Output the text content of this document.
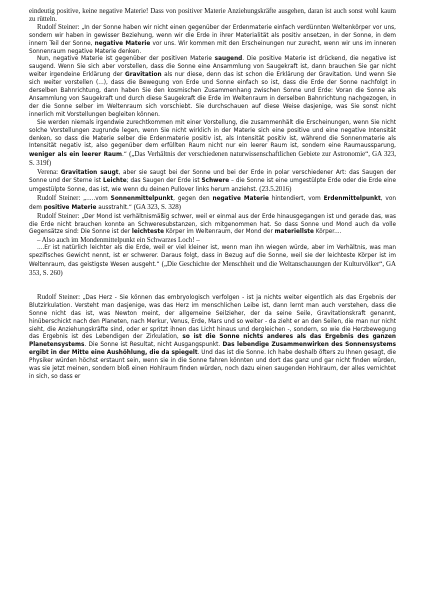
eindeutig positive, keine negative Materie! Dass von positiver Materie Anziehungskräfte ausgehen, daran ist auch sonst wohl kaum zu rütteln.

Rudolf Steiner: „In der Sonne haben wir nicht einen gegenüber der Erdenmaterie einfach verdünnten Weltenkörper vor uns, sondern wir haben in gewisser Beziehung, wenn wir die Erde in ihrer Materialität als positiv ansetzen, in der Sonne, in dem innern Teil der Sonne, negative Materie vor uns. Wir kommen mit den Erscheinungen nur zurecht, wenn wir uns im inneren Sonnenraum negative Materie denken.

Nun, negative Materie ist gegenüber der positiven Materie saugend. Die positive Materie ist drückend, die negative ist saugend. Wenn Sie sich aber vorstellen, dass die Sonne eine Ansammlung von Saugekraft ist, dann brauchen Sie gar nicht weiter irgendeine Erklärung der Gravitation als nur diese, denn das ist schon die Erklärung der Gravitation. Und wenn Sie sich weiter vorstellen (...), dass die Bewegung von Erde und Sonne einfach so ist, dass die Erde der Sonne nachfolgt in derselben Bahnrichtung, dann haben Sie den kosmischen Zusammenhang zwischen Sonne und Erde: Voran die Sonne als Ansammlung von Saugekraft und durch diese Saugekraft die Erde im Weltenraum in derselben Bahnrichtung nachgezogen, in der die Sonne selber im Weltenraum sich vorschiebt. Sie durchschauen auf diese Weise dasjenige, was Sie sonst nicht innerlich mit Vorstellungen begleiten können.

Sie werden niemals irgendwie zurechtkommen mit einer Vorstellung, die zusammenhält die Erscheinungen, wenn Sie nicht solche Vorstellungen zugrunde legen, wenn Sie nicht wirklich in der Materie sich eine positive und eine negative Intensität denken, so dass die Materie selber die Erdenmaterie positiv ist, als Intensität positiv ist, während die Sonnenmaterie als Intensität negativ ist, also gegenüber dem erfüllten Raum nicht nur ein leerer Raum ist, sondern eine Raumaussparung, weniger als ein leerer Raum.“ („Das Verhältnis der verschiedenen naturwissenschaftlichen Gebiete zur Astronomie“, GA 323, S. 319f)

Verena: Gravitation saugt, aber sie saugt bei der Sonne und bei der Erde in polar verschiedener Art: das Saugen der Sonne und der Sterne ist Leichte; das Saugen der Erde ist Schwere – die Sonne ist eine umgestülpte Erde oder die Erde eine umgestülpte Sonne, das ist, wie wenn du deinen Pullover links herum anziehst. (23.5.2016)

Rudolf Steiner: „.....vom Sonnenmittelpunkt, gegen den negative Materie hintendiert, vom Erdenmittelpunkt, von dem positive Materie ausstrahlt.“ (GA 323, S. 328)

Rudolf Steiner: „Der Mond ist verhältnismäßig schwer, weil er einmal aus der Erde hinausgegangen ist und gerade das, was die Erde nicht brauchen konnte an Schweresubstanzen, sich mitgenommen hat. So dass Sonne und Mond auch da volle Gegensätze sind: Die Sonne ist der leichteste Körper im Weltenraum, der Mond der materiellste Körper....

– Also auch im Mondenmittelpunkt ein Schwarzes Loch! –

....Er ist natürlich leichter als die Erde, weil er viel kleiner ist, wenn man ihn wiegen würde, aber im Verhältnis, was man spezifisches Gewicht nennt, ist er schwerer. Daraus folgt, dass in Bezug auf die Sonne, weil sie der leichteste Körper ist im Weltenraum, das geistigste Wesen ausgeht.“ („Die Geschichte der Menschheit und die Weltanschauungen der Kulturvölker“, GA 353, S. 260)

Rudolf Steiner: „Das Herz - Sie können das embryologisch verfolgen - ist ja nichts weiter eigentlich als das Ergebnis der Blutzirkulation. Versteht man dasjenige, was das Herz im menschlichen Leibe ist, dann lernt man auch verstehen, dass die Sonne nicht das ist, was Newton meint, der allgemeine Seilzieher, der da seine Seile, Gravitationskraft genannt, hinüberschickt nach den Planeten, nach Merkur, Venus, Erde, Mars und so weiter - da zieht er an den Seilen, die man nur nicht sieht, die Anziehungskräfte sind, oder er spritzt ihnen das Licht hinaus und dergleichen -, sondern, so wie die Herzbewegung das Ergebnis ist des Lebendigen der Zirkulation, so ist die Sonne nichts anderes als das Ergebnis des ganzen Planetensystems. Die Sonne ist Resultat, nicht Ausgangspunkt. Das lebendige Zusammenwirken des Sonnensystems ergibt in der Mitte eine Aushöhlung, die da spiegelt. Und das ist die Sonne. Ich habe deshalb öfters zu Ihnen gesagt, die Physiker würden höchst erstaunt sein, wenn sie in die Sonne fahren könnten und dort das ganz und gar nicht finden würden, was sie jetzt meinen, sondern bloß einen Hohlraum finden würden, noch dazu einen saugenden Hohlraum, der alles vernichtet in sich, so dass er
